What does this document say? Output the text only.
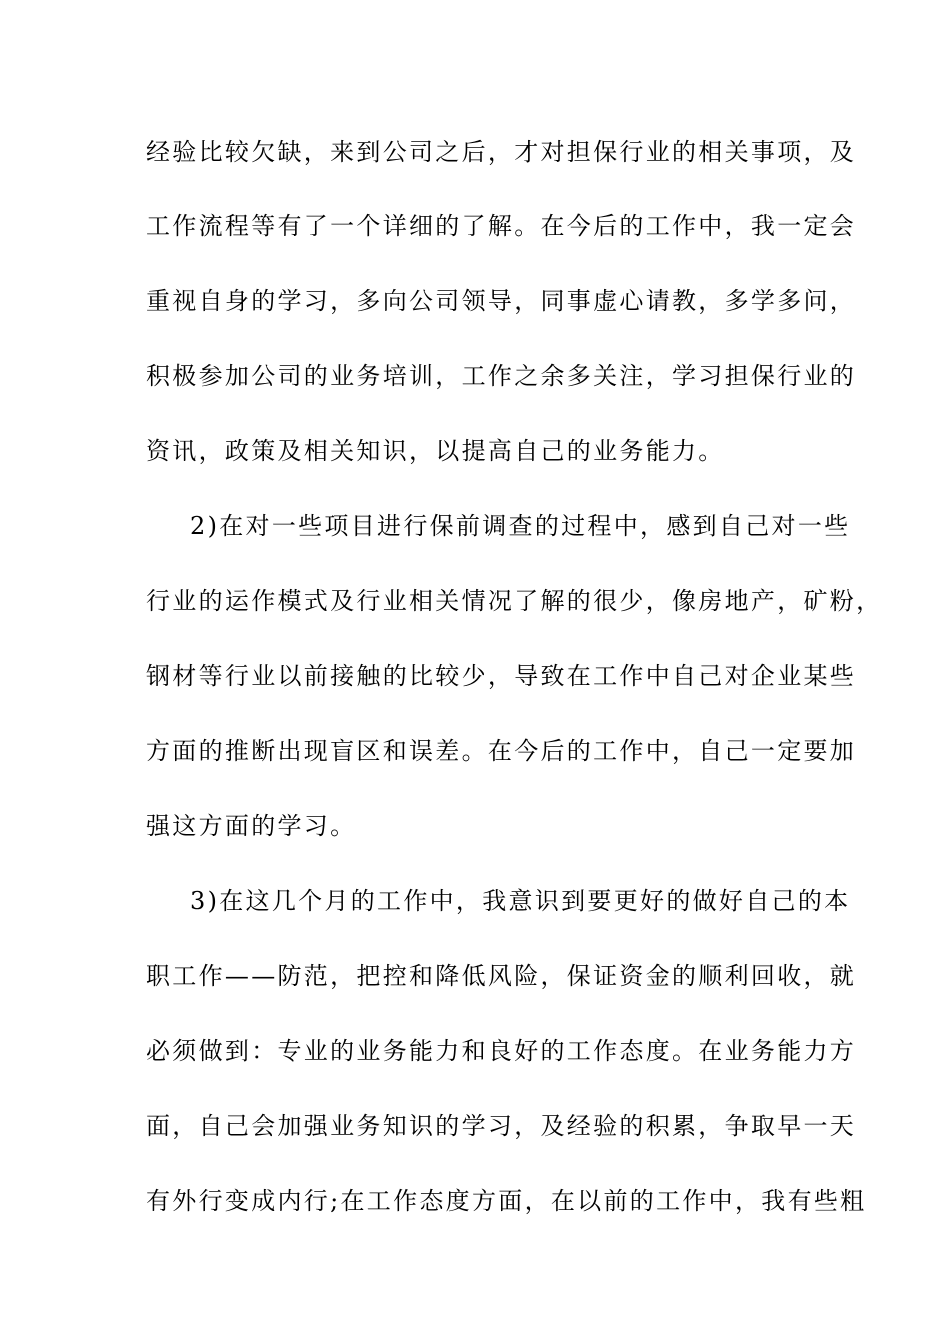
经验比较欠缺，来到公司之后，才对担保行业的相关事项，及
工作流程等有了一个详细的了解。在今后的工作中，我一定会
重视自身的学习，多向公司领导，同事虚心请教，多学多问，
积极参加公司的业务培训，工作之余多关注，学习担保行业的
资讯，政策及相关知识，以提高自己的业务能力。
2)在对一些项目进行保前调查的过程中，感到自己对一些
行业的运作模式及行业相关情况了解的很少，像房地产，矿粉，
钢材等行业以前接触的比较少，导致在工作中自己对企业某些
方面的推断出现盲区和误差。在今后的工作中，自己一定要加
强这方面的学习。
3)在这几个月的工作中，我意识到要更好的做好自己的本
职工作——防范，把控和降低风险，保证资金的顺利回收，就
必须做到：专业的业务能力和良好的工作态度。在业务能力方
面，自己会加强业务知识的学习，及经验的积累，争取早一天
有外行变成内行;在工作态度方面，在以前的工作中，我有些粗
